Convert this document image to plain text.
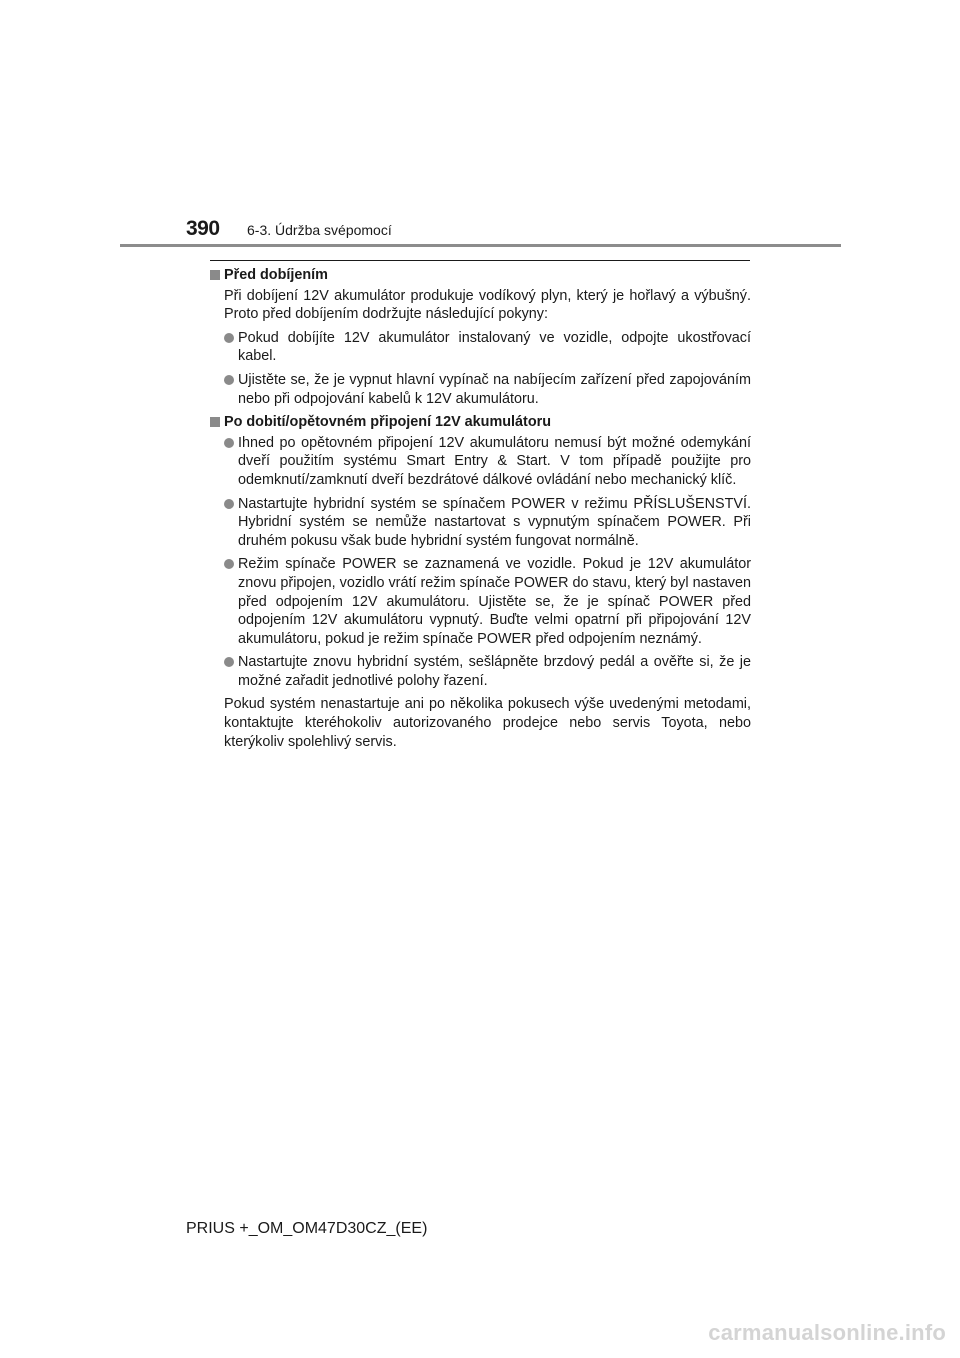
390 6-3. Údržba svépomocí
Před dobíjením

Při dobíjení 12V akumulátor produkuje vodíkový plyn, který je hořlavý a výbušný. Proto před dobíjením dodržujte následující pokyny:

Pokud dobíjíte 12V akumulátor instalovaný ve vozidle, odpojte ukostřovací kabel.
Ujistěte se, že je vypnut hlavní vypínač na nabíjecím zařízení před zapojováním nebo při odpojování kabelů k 12V akumulátoru.
Po dobití/opětovném připojení 12V akumulátoru
Ihned po opětovném připojení 12V akumulátoru nemusí být možné odemykání dveří použitím systému Smart Entry & Start. V tom případě použijte pro odemknutí/zamknutí dveří bezdrátové dálkové ovládání nebo mechanický klíč.
Nastartujte hybridní systém se spínačem POWER v režimu PŘÍSLUŠENSTVÍ. Hybridní systém se nemůže nastartovat s vypnutým spínačem POWER. Při druhém pokusu však bude hybridní systém fungovat normálně.
Režim spínače POWER se zaznamená ve vozidle. Pokud je 12V akumulátor znovu připojen, vozidlo vrátí režim spínače POWER do stavu, který byl nastaven před odpojením 12V akumulátoru. Ujistěte se, že je spínač POWER před odpojením 12V akumulátoru vypnutý. Buďte velmi opatrní při připojování 12V akumulátoru, pokud je režim spínače POWER před odpojením neznámý.
Nastartujte znovu hybridní systém, sešlápněte brzdový pedál a ověřte si, že je možné zařadit jednotlivé polohy řazení.

Pokud systém nenastartuje ani po několika pokusech výše uvedenými metodami, kontaktujte kteréhokoliv autorizovaného prodejce nebo servis Toyota, nebo kterýkoliv spolehlivý servis.

PRIUS +_OM_OM47D30CZ_(EE)
carmanualsonline.info
